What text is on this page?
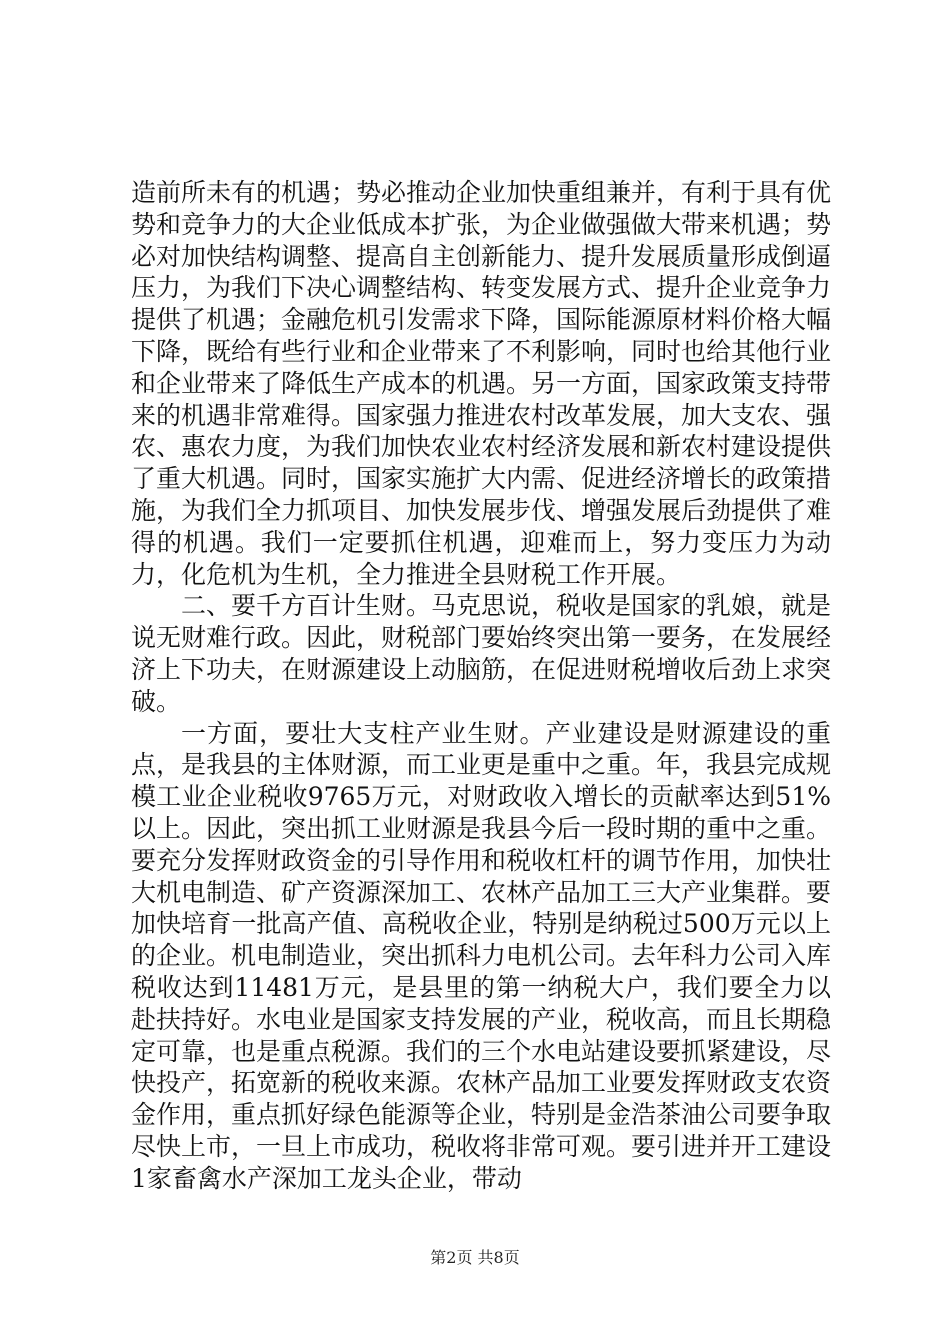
造前所未有的机遇；势必推动企业加快重组兼并，有利于具有优势和竞争力的大企业低成本扩张，为企业做强做大带来机遇；势必对加快结构调整、提高自主创新能力、提升发展质量形成倒逼压力，为我们下决心调整结构、转变发展方式、提升企业竞争力提供了机遇；金融危机引发需求下降，国际能源原材料价格大幅下降，既给有些行业和企业带来了不利影响，同时也给其他行业和企业带来了降低生产成本的机遇。另一方面，国家政策支持带来的机遇非常难得。国家强力推进农村改革发展，加大支农、强农、惠农力度，为我们加快农业农村经济发展和新农村建设提供了重大机遇。同时，国家实施扩大内需、促进经济增长的政策措施，为我们全力抓项目、加快发展步伐、增强发展后劲提供了难得的机遇。我们一定要抓住机遇，迎难而上，努力变压力为动力，化危机为生机，全力推进全县财税工作开展。

二、要千方百计生财。马克思说，税收是国家的乳娘，就是说无财难行政。因此，财税部门要始终突出第一要务，在发展经济上下功夫，在财源建设上动脑筋，在促进财税增收后劲上求突破。

一方面，要壮大支柱产业生财。产业建设是财源建设的重点，是我县的主体财源，而工业更是重中之重。年，我县完成规模工业企业税收9765万元，对财政收入增长的贡献率达到51%以上。因此，突出抓工业财源是我县今后一段时期的重中之重。要充分发挥财政资金的引导作用和税收杠杆的调节作用，加快壮大机电制造、矿产资源深加工、农林产品加工三大产业集群。要加快培育一批高产值、高税收企业，特别是纳税过500万元以上的企业。机电制造业，突出抓科力电机公司。去年科力公司入库税收达到11481万元，是县里的第一纳税大户，我们要全力以赴扶持好。水电业是国家支持发展的产业，税收高，而且长期稳定可靠，也是重点税源。我们的三个水电站建设要抓紧建设，尽快投产，拓宽新的税收来源。农林产品加工业要发挥财政支农资金作用，重点抓好绿色能源等企业，特别是金浩茶油公司要争取尽快上市，一旦上市成功，税收将非常可观。要引进并开工建设1家畜禽水产深加工龙头企业，带动

第2页 共8页
